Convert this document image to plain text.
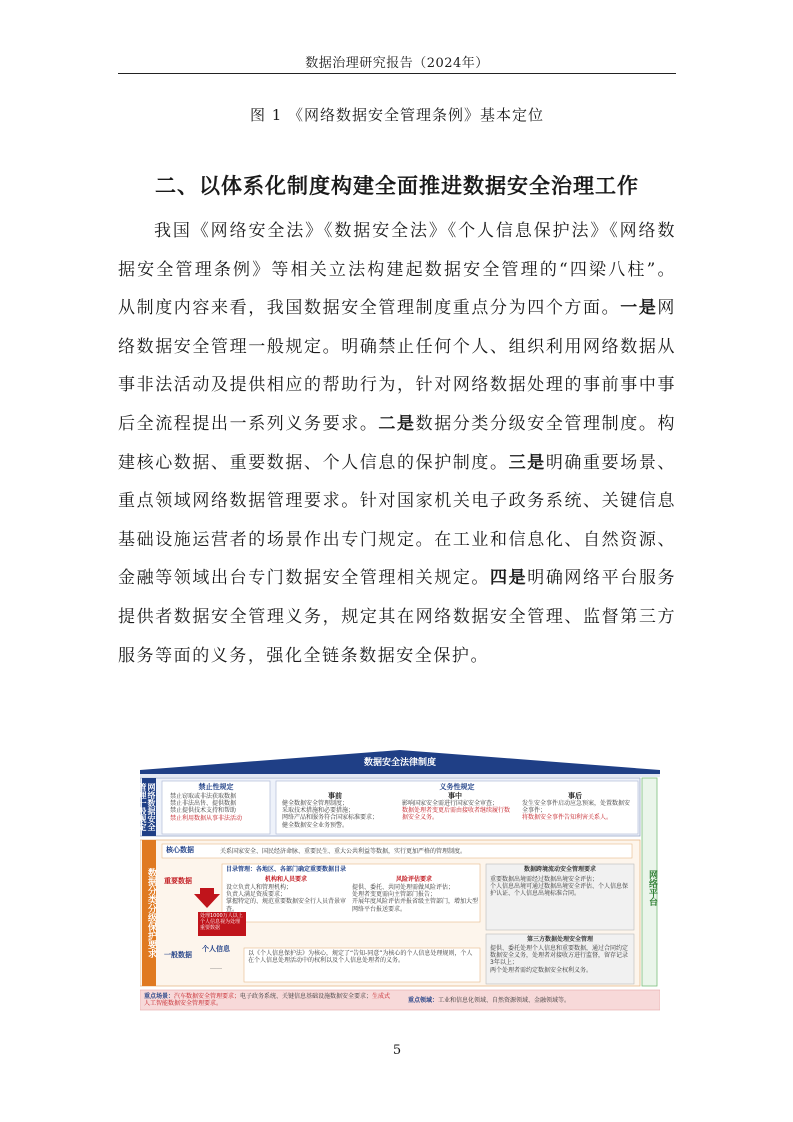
数据治理研究报告（2024年）
图 1 《网络数据安全管理条例》基本定位
二、以体系化制度构建全面推进数据安全治理工作

我国《网络安全法》《数据安全法》《个人信息保护法》《网络数据安全管理条例》等相关立法构建起数据安全管理的“四梁八柱”。从制度内容来看，我国数据安全管理制度重点分为四个方面。一是网络数据安全管理一般规定。明确禁止任何个人、组织利用网络数据从事非法活动及提供相应的帮助行为，针对网络数据处理的事前事中事后全流程提出一系列义务要求。二是数据分类分级安全管理制度。构建核心数据、重要数据、个人信息的保护制度。三是明确重要场景、重点领域网络数据管理要求。针对国家机关电子政务系统、关键信息基础设施运营者的场景作出专门规定。在工业和信息化、自然资源、金融等领域出台专门数据安全管理相关规定。四是明确网络平台服务提供者数据安全管理义务，规定其在网络数据安全管理、监督第三方服务等面的义务，强化全链条数据安全保护。

数据安全法律制度
网络数据安全管理一般规定
数据分类分级保护要求	网络平台
禁止性规定
禁止窃取或非法获取数据
禁止非法出售、提供数据
禁止提供技术支持和帮助
禁止利用数据从事非法活动
义务性规定
事前
健全数据安全管理制度；
采取技术措施和必要措施；
网络产品和服务符合国家标准要求；
健全数据安全业务预警。
事中
影响国家安全需进行国家安全审查；
数据处理者变更后需由接收者继续履行数据安全义务。
事后
发生安全事件启动应急预案，处置数据安全事件；
将数据安全事件告知利害关系人。
核心数据	关系国家安全、国民经济命脉、重要民生、重大公共利益等数据，实行更加严格的管理制度。
目录管理：各地区、各部门确定重要数据目录
重要数据
处理1000万人以上个人信息视为处理重要数据
机构和人员要求
设立负责人和管理机构；
负责人满足资质要求；
掌握特定的、规范重要数据安全行人员背景审查。
风险评估要求
提供、委托、共同处理需做风险评估；
处理者变更需向主管部门报告；
开展年度风险评估并报省级主管部门，增加大型网络平台报送要求。
数据跨境流动安全管理要求
重要数据出境需经过数据出境安全评估；
个人信息出境可通过数据出境安全评估、个人信息保护认证、个人信息出境标准合同。
一般数据
……
个人信息
以《个人信息保护法》为核心，规定了“告知-同意”为核心的个人信息处理规则，个人在个人信息处理活动中的权利以及个人信息处理者的义务。
第三方数据处理安全管理
提供、委托处理个人信息和重要数据，通过合同约定数据安全义务，处理者对接收方进行监督，留存记录3年以上；
两个处理者需约定数据安全权利义务。
重点场景：汽车数据安全管理要求；电子政务系统、关键信息基础设施数据安全要求；生成式人工智能数据安全管理要求。	重点领域：工业和信息化领域、自然资源领域、金融领域等。
5
